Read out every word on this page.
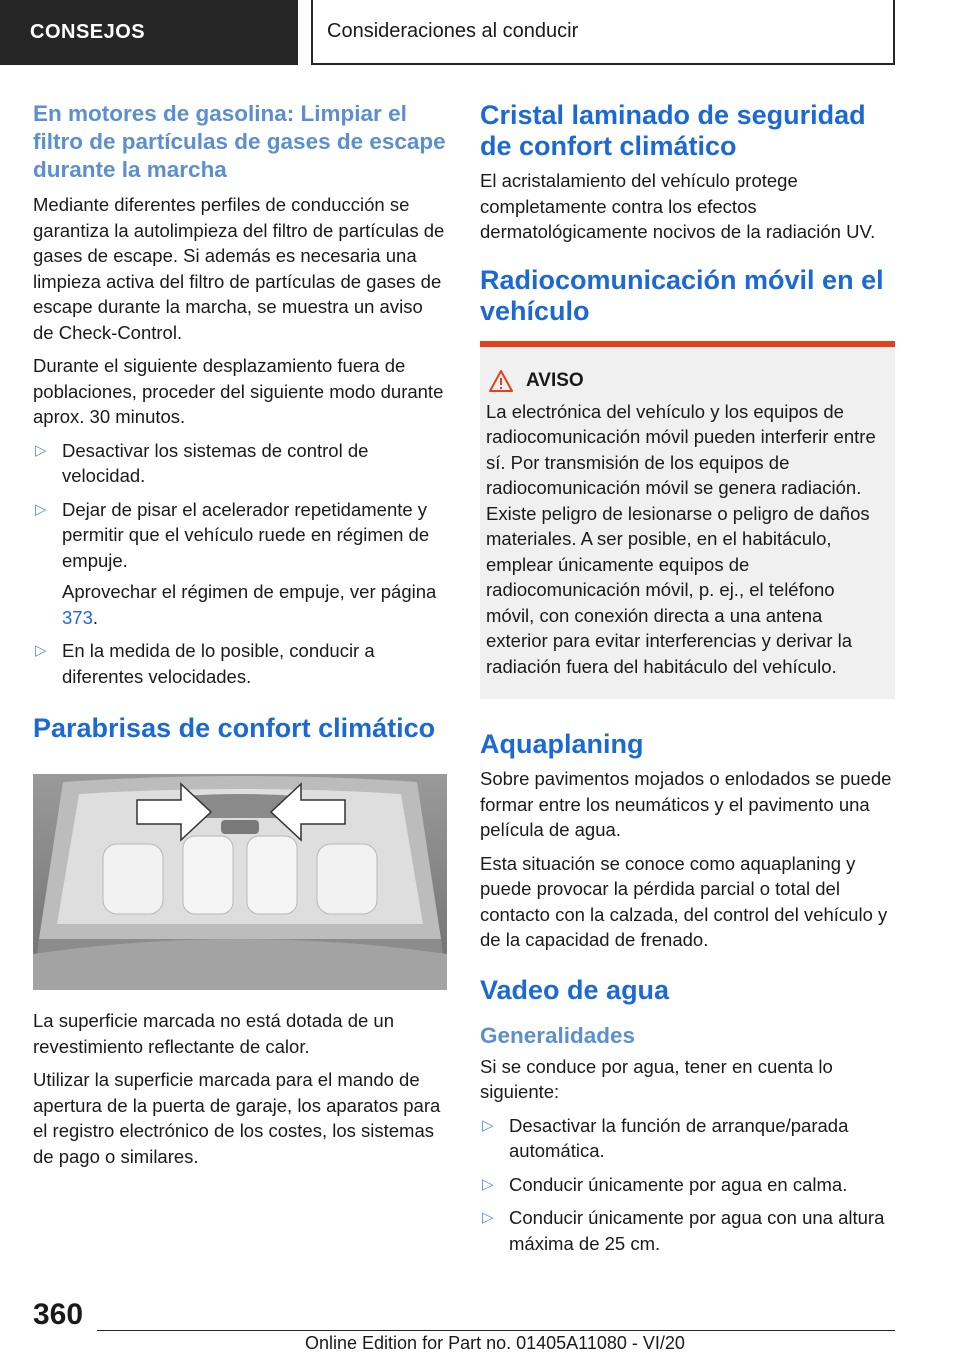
CONSEJOS	Consideraciones al conducir
En motores de gasolina: Limpiar el filtro de partículas de gases de escape durante la marcha

Mediante diferentes perfiles de conducción se garantiza la autolimpieza del filtro de partículas de gases de escape. Si además es necesaria una limpieza activa del filtro de partículas de gases de escape durante la marcha, se muestra un aviso de Check-Control.

Durante el siguiente desplazamiento fuera de poblaciones, proceder del siguiente modo durante aprox. 30 minutos.

▷ Desactivar los sistemas de control de velocidad.
▷ Dejar de pisar el acelerador repetidamente y permitir que el vehículo ruede en régimen de empuje.

Aprovechar el régimen de empuje, ver página 373.

▷ En la medida de lo posible, conducir a diferentes velocidades.
Parabrisas de confort climático

La superficie marcada no está dotada de un revestimiento reflectante de calor.

Utilizar la superficie marcada para el mando de apertura de la puerta de garaje, los aparatos para el registro electrónico de los costes, los sistemas de pago o similares.

Cristal laminado de seguridad de confort climático

El acristalamiento del vehículo protege completamente contra los efectos dermatológicamente nocivos de la radiación UV.

Radiocomunicación móvil en el vehículo
AVISO

La electrónica del vehículo y los equipos de radiocomunicación móvil pueden interferir entre sí. Por transmisión de los equipos de radiocomunicación móvil se genera radiación. Existe peligro de lesionarse o peligro de daños materiales. A ser posible, en el habitáculo, emplear únicamente equipos de radiocomunicación móvil, p. ej., el teléfono móvil, con conexión directa a una antena exterior para evitar interferencias y derivar la radiación fuera del habitáculo del vehículo.

Aquaplaning

Sobre pavimentos mojados o enlodados se puede formar entre los neumáticos y el pavimento una película de agua.

Esta situación se conoce como aquaplaning y puede provocar la pérdida parcial o total del contacto con la calzada, del control del vehículo y de la capacidad de frenado.

Vadeo de agua
Generalidades

Si se conduce por agua, tener en cuenta lo siguiente:

▷ Desactivar la función de arranque/parada automática.
▷ Conducir únicamente por agua en calma.
▷ Conducir únicamente por agua con una altura máxima de 25 cm.
360
Online Edition for Part no. 01405A11080 - VI/20
